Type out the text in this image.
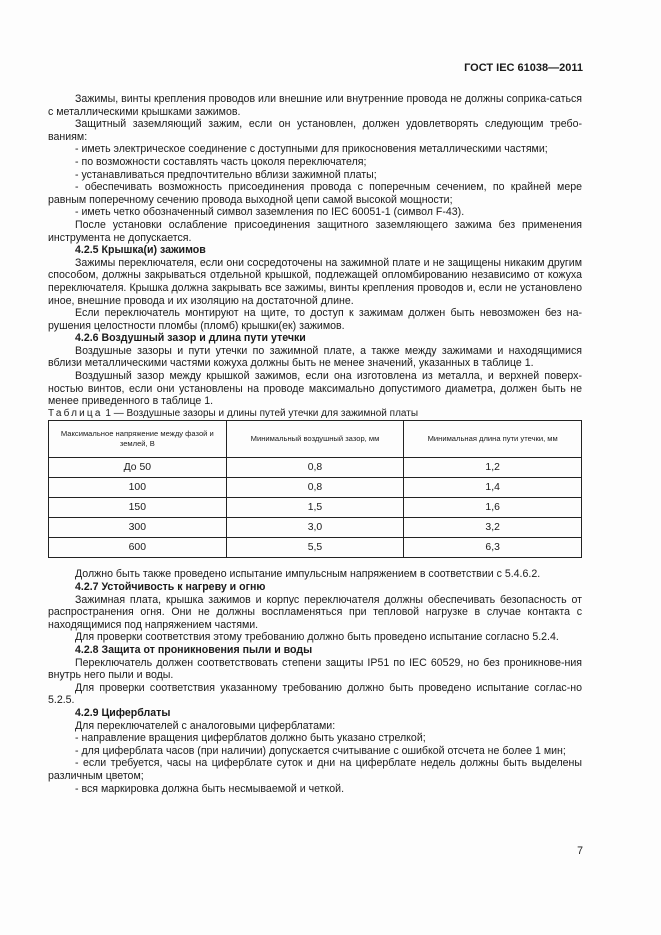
ГОСТ IEC 61038—2011

Зажимы, винты крепления проводов или внешние или внутренние провода не должны соприка-саться с металлическими крышками зажимов.

Защитный заземляющий зажим, если он установлен, должен удовлетворять следующим требо-ваниям:

- иметь электрическое соединение с доступными для прикосновения металлическими частями;

- по возможности составлять часть цоколя переключателя;

- устанавливаться предпочтительно вблизи зажимной платы;

- обеспечивать возможность присоединения провода с поперечным сечением, по крайней мере равным поперечному сечению провода выходной цепи самой высокой мощности;

- иметь четко обозначенный символ заземления по IEC 60051-1 (символ F-43).

После установки ослабление присоединения защитного заземляющего зажима без применения инструмента не допускается.

4.2.5 Крышка(и) зажимов

Зажимы переключателя, если они сосредоточены на зажимной плате и не защищены никаким другим способом, должны закрываться отдельной крышкой, подлежащей опломбированию независимо от кожуха переключателя. Крышка должна закрывать все зажимы, винты крепления проводов и, если не установлено иное, внешние провода и их изоляцию на достаточной длине.

Если переключатель монтируют на щите, то доступ к зажимам должен быть невозможен без на-рушения целостности пломбы (пломб) крышки(ек) зажимов.

4.2.6 Воздушный зазор и длина пути утечки

Воздушные зазоры и пути утечки по зажимной плате, а также между зажимами и находящимися вблизи металлическими частями кожуха должны быть не менее значений, указанных в таблице 1.

Воздушный зазор между крышкой зажимов, если она изготовлена из металла, и верхней поверх-ностью винтов, если они установлены на проводе максимально допустимого диаметра, должен быть не менее приведенного в таблице 1.

Таблица 1 — Воздушные зазоры и длины путей утечки для зажимной платы

Максимальное напряжение между фазой и землей, В	Минимальный воздушный зазор, мм	Минимальная длина пути утечки, мм
До 50	0,8	1,2
100	0,8	1,4
150	1,5	1,6
300	3,0	3,2
600	5,5	6,3

Должно быть также проведено испытание импульсным напряжением в соответствии с 5.4.6.2.

4.2.7 Устойчивость к нагреву и огню

Зажимная плата, крышка зажимов и корпус переключателя должны обеспечивать безопасность от распространения огня. Они не должны воспламеняться при тепловой нагрузке в случае контакта с находящимися под напряжением частями.

Для проверки соответствия этому требованию должно быть проведено испытание согласно 5.2.4.

4.2.8 Защита от проникновения пыли и воды

Переключатель должен соответствовать степени защиты IP51 по IEC 60529, но без проникнове-ния внутрь него пыли и воды.

Для проверки соответствия указанному требованию должно быть проведено испытание соглас-но 5.2.5.

4.2.9 Циферблаты

Для переключателей с аналоговыми циферблатами:

- направление вращения циферблатов должно быть указано стрелкой;

- для циферблата часов (при наличии) допускается считывание с ошибкой отсчета не более 1 мин;

- если требуется, часы на циферблате суток и дни на циферблате недель должны быть выделены различным цветом;

- вся маркировка должна быть несмываемой и четкой.

7
